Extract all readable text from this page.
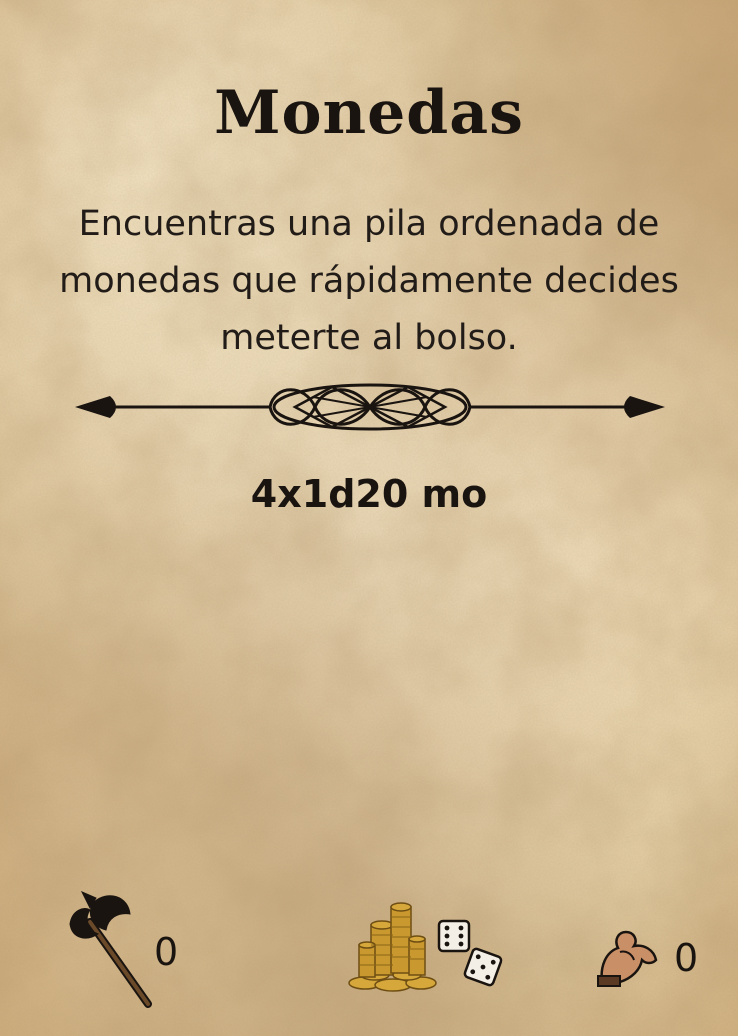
Monedas
Encuentras una pila ordenada de monedas que rápidamente decides meterte al bolso.
4x1d20 mo
0	0
